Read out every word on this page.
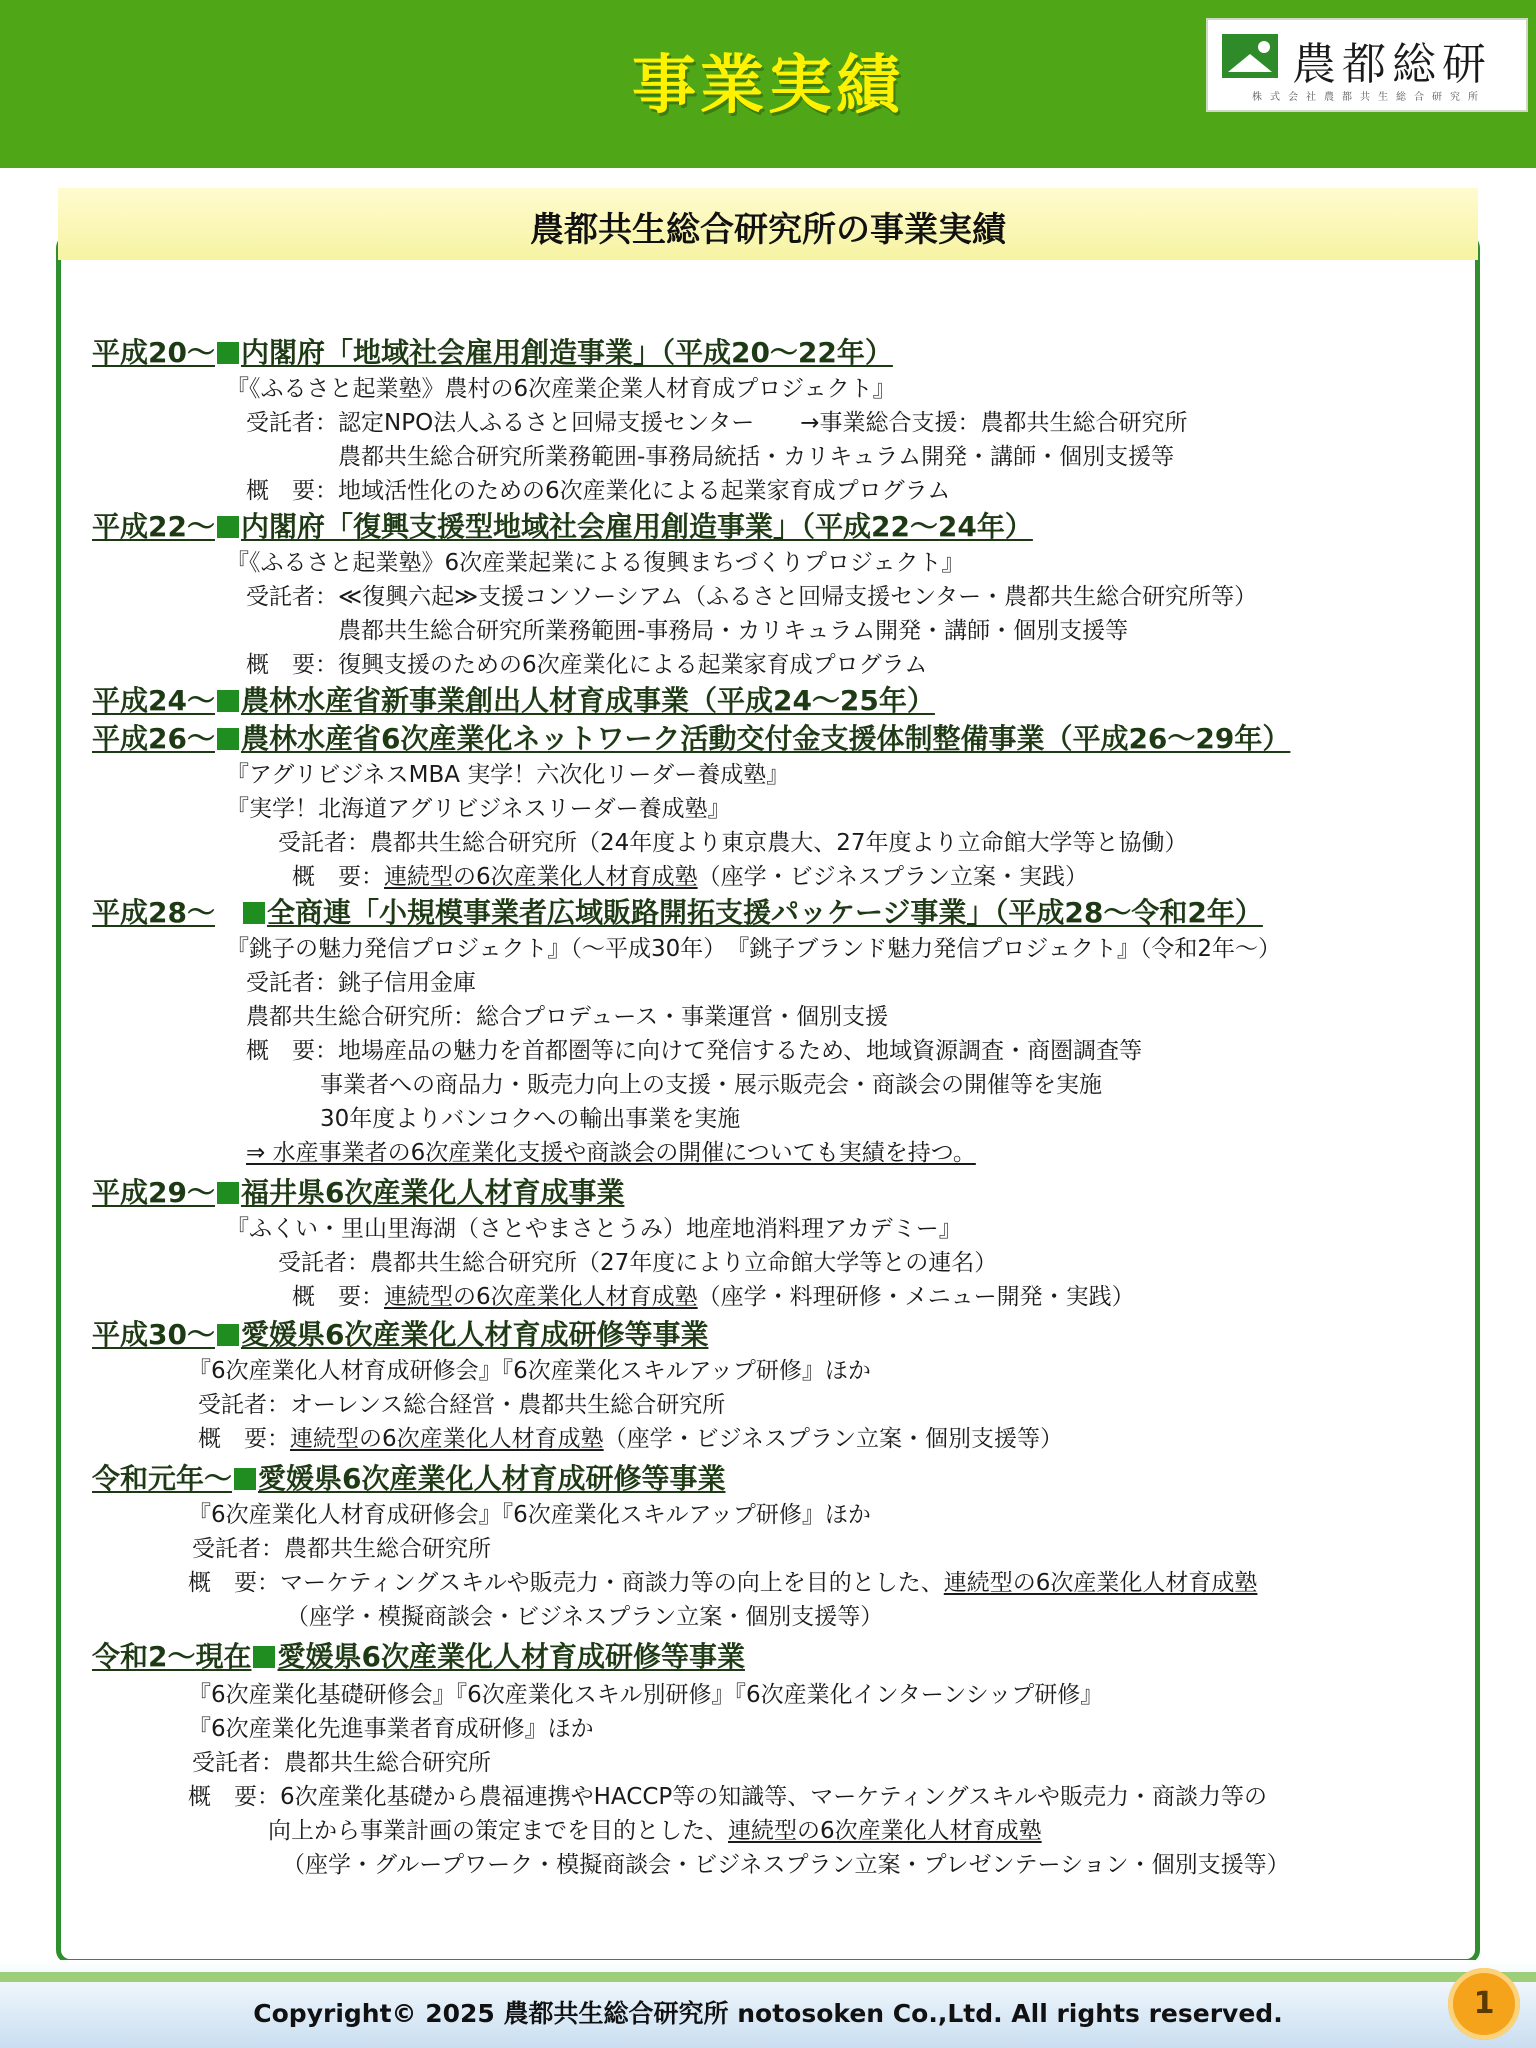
事業実績	農都総研
株式会社農都共生総合研究所
農都共生総合研究所の事業実績
平成20～ 内閣府「地域社会雇用創造事業」（平成20～22年）
『《ふるさと起業塾》農村の6次産業企業人材育成プロジェクト』
受託者：認定NPO法人ふるさと回帰支援センター　　→事業総合支援：農都共生総合研究所
農都共生総合研究所業務範囲-事務局統括・カリキュラム開発・講師・個別支援等
概　要：地域活性化のための6次産業化による起業家育成プログラム
平成22～ 内閣府「復興支援型地域社会雇用創造事業」（平成22～24年）
『《ふるさと起業塾》6次産業起業による復興まちづくりプロジェクト』
受託者：≪復興六起≫支援コンソーシアム（ふるさと回帰支援センター・農都共生総合研究所等）
農都共生総合研究所業務範囲-事務局・カリキュラム開発・講師・個別支援等
概　要：復興支援のための6次産業化による起業家育成プログラム
平成24～ 農林水産省新事業創出人材育成事業（平成24～25年）
平成26～ 農林水産省6次産業化ネットワーク活動交付金支援体制整備事業（平成26～29年）
『アグリビジネスMBA 実学！六次化リーダー養成塾』
『実学！北海道アグリビジネスリーダー養成塾』
受託者：農都共生総合研究所（24年度より東京農大、27年度より立命館大学等と協働）
概　要：連続型の6次産業化人材育成塾（座学・ビジネスプラン立案・実践）
平成28～ 全商連「小規模事業者広域販路開拓支援パッケージ事業」（平成28～令和2年）
『銚子の魅力発信プロジェクト』（～平成30年）　『銚子ブランド魅力発信プロジェクト』（令和2年～）
受託者：銚子信用金庫
農都共生総合研究所：総合プロデュース・事業運営・個別支援
概　要：地場産品の魅力を首都圏等に向けて発信するため、地域資源調査・商圏調査等
事業者への商品力・販売力向上の支援・展示販売会・商談会の開催等を実施
30年度よりバンコクへの輸出事業を実施
⇒ 水産事業者の6次産業化支援や商談会の開催についても実績を持つ。
平成29～ 福井県6次産業化人材育成事業
『ふくい・里山里海湖（さとやまさとうみ）地産地消料理アカデミー』
受託者：農都共生総合研究所（27年度により立命館大学等との連名）
概　要：連続型の6次産業化人材育成塾（座学・料理研修・メニュー開発・実践）
平成30～ 愛媛県6次産業化人材育成研修等事業
『6次産業化人材育成研修会』『6次産業化スキルアップ研修』ほか
受託者：オーレンス総合経営・農都共生総合研究所
概　要：連続型の6次産業化人材育成塾（座学・ビジネスプラン立案・個別支援等）
令和元年～ 愛媛県6次産業化人材育成研修等事業
『6次産業化人材育成研修会』『6次産業化スキルアップ研修』ほか
受託者：農都共生総合研究所
概　要：マーケティングスキルや販売力・商談力等の向上を目的とした、連続型の6次産業化人材育成塾
（座学・模擬商談会・ビジネスプラン立案・個別支援等）
令和2～現在 愛媛県6次産業化人材育成研修等事業
『6次産業化基礎研修会』『6次産業化スキル別研修』『6次産業化インターンシップ研修』
『6次産業化先進事業者育成研修』ほか
受託者：農都共生総合研究所
概　要：6次産業化基礎から農福連携やHACCP等の知識等、マーケティングスキルや販売力・商談力等の
向上から事業計画の策定までを目的とした、連続型の6次産業化人材育成塾
（座学・グループワーク・模擬商談会・ビジネスプラン立案・プレゼンテーション・個別支援等）
Copyright© 2025 農都共生総合研究所 notosoken Co.,Ltd. All rights reserved.	1
